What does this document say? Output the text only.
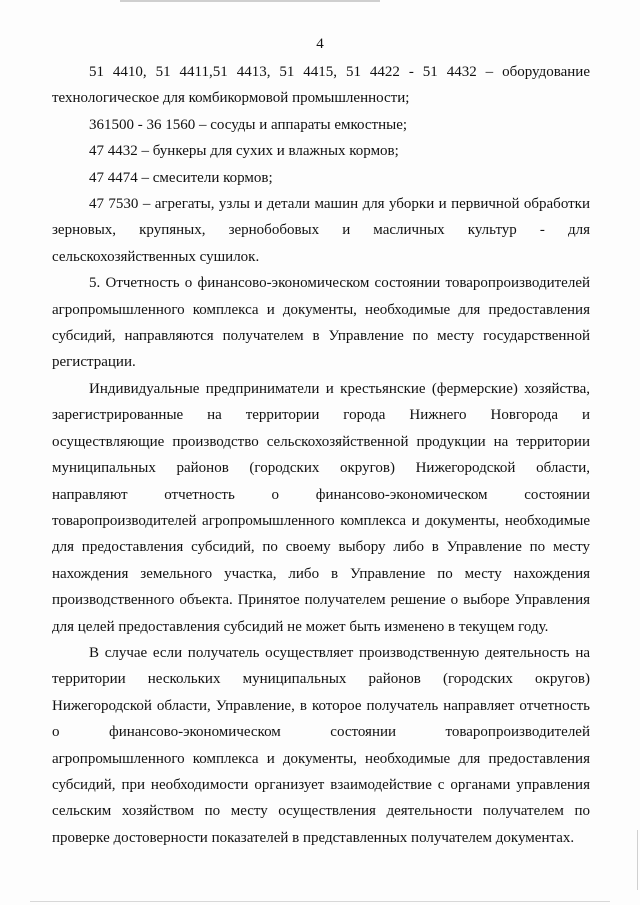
4
51 4410, 51 4411,51 4413, 51 4415, 51 4422 - 51 4432 – оборудование
технологическое для комбикормовой промышленности;
361500 - 36 1560 – сосуды и аппараты емкостные;
47 4432 – бункеры для сухих и влажных кормов;
47 4474 – смесители кормов;
47 7530 – агрегаты, узлы и детали машин для уборки и первичной обработки
зерновых, крупяных, зернобобовых и масличных культур - для
сельскохозяйственных сушилок.
5. Отчетность о финансово-экономическом состоянии товаропроизводителей
агропромышленного комплекса и документы, необходимые для предоставления
субсидий, направляются получателем в Управление по месту государственной
регистрации.
Индивидуальные предприниматели и крестьянские (фермерские) хозяйства,
зарегистрированные на территории города Нижнего Новгорода и
осуществляющие производство сельскохозяйственной продукции на территории
муниципальных районов (городских округов) Нижегородской области,
направляют отчетность о финансово-экономическом состоянии
товаропроизводителей агропромышленного комплекса и документы, необходимые
для предоставления субсидий, по своему выбору либо в Управление по месту
нахождения земельного участка, либо в Управление по месту нахождения
производственного объекта. Принятое получателем решение о выборе Управления
для целей предоставления субсидий не может быть изменено в текущем году.
В случае если получатель осуществляет производственную деятельность на
территории нескольких муниципальных районов (городских округов)
Нижегородской области, Управление, в которое получатель направляет отчетность
о финансово-экономическом состоянии товаропроизводителей
агропромышленного комплекса и документы, необходимые для предоставления
субсидий, при необходимости организует взаимодействие с органами управления
сельским хозяйством по месту осуществления деятельности получателем по
проверке достоверности показателей в представленных получателем документах.
